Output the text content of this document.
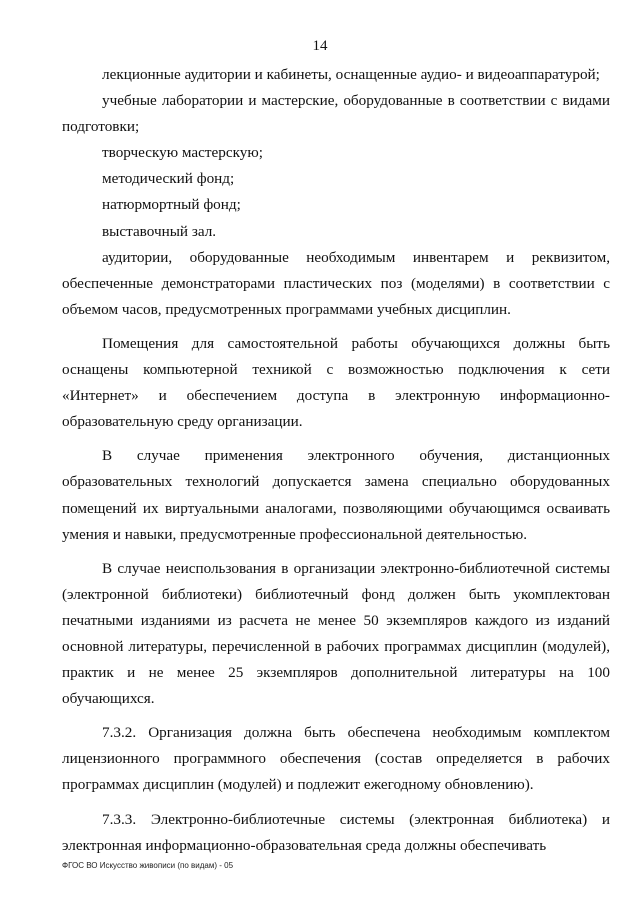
14

лекционные аудитории и кабинеты, оснащенные аудио- и видеоаппаратурой;

учебные лаборатории и мастерские, оборудованные в соответствии с видами подготовки;

творческую мастерскую;

методический фонд;

натюрмортный фонд;

выставочный зал.

аудитории, оборудованные необходимым инвентарем и реквизитом, обеспеченные демонстраторами пластических поз (моделями) в соответствии с объемом часов, предусмотренных программами учебных дисциплин.

Помещения для самостоятельной работы обучающихся должны быть оснащены компьютерной техникой с возможностью подключения к сети «Интернет» и обеспечением доступа в электронную информационно-образовательную среду организации.

В случае применения электронного обучения, дистанционных образовательных технологий допускается замена специально оборудованных помещений их виртуальными аналогами, позволяющими обучающимся осваивать умения и навыки, предусмотренные профессиональной деятельностью.

В случае неиспользования в организации электронно-библиотечной системы (электронной библиотеки) библиотечный фонд должен быть укомплектован печатными изданиями из расчета не менее 50 экземпляров каждого из изданий основной литературы, перечисленной в рабочих программах дисциплин (модулей), практик и не менее 25 экземпляров дополнительной литературы на 100 обучающихся.

7.3.2. Организация должна быть обеспечена необходимым комплектом лицензионного программного обеспечения (состав определяется в рабочих программах дисциплин (модулей) и подлежит ежегодному обновлению).

7.3.3. Электронно-библиотечные системы (электронная библиотека) и электронная информационно-образовательная среда должны обеспечивать

ФГОС ВО Искусство живописи (по видам) - 05
